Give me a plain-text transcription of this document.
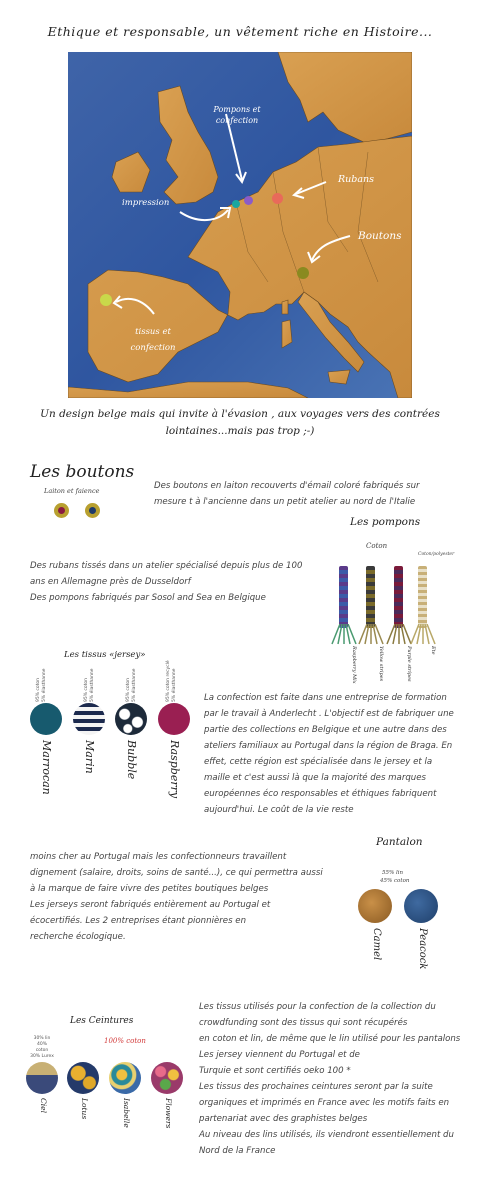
Ethique et responsable, un vêtement riche en Histoire...
Pompons et confection
Rubans
impression
Boutons
tissus et confection
Un design belge mais qui invite à l'évasion , aux voyages vers des contrées
lointaines...mais pas trop ;-)
Les boutons
Laiton et faience	Des boutons en laiton recouverts d'émail coloré fabriqués sur
mesure t à l'ancienne dans un petit atelier au nord de l'Italie
Les pompons
Coton
Coton/polyester
Raspberry Mix	Yellow stripes	Purple stripes	Ete
Des rubans tissés dans un atelier spécialisé depuis plus de 100
ans en Allemagne près de Dusseldorf
Des pompons fabriqués par Sosol and Sea en Belgique
Les tissus «jersey»
95% coton 5% élasthanne	95% coton 5% élasthanne	95% coton 5% élasthanne	95% coton recyclé 5% élasthanne
Marrocan	Marin	Bubble	Raspberry
La confection est faite dans une entreprise de formation
par le travail à Anderlecht . L'objectif est de fabriquer une
partie des collections en Belgique et une autre dans des
ateliers familiaux au Portugal dans la région de Braga. En
effet, cette région est spécialisée dans le jersey et la
maille et c'est aussi là que la majorité des marques
européennes éco responsables et éthiques fabriquent
aujourd'hui. Le coût de la vie reste
Pantalon
55% lin
45% coton
Camel	Peacock
moins cher au Portugal mais les confectionneurs travaillent
dignement (salaire, droits, soins de santé...), ce qui permettra aussi
à la marque de faire vivre des petites boutiques belges
Les jerseys seront fabriqués entièrement au Portugal et
écocertifiés. Les 2 entreprises étant pionnières en
recherche écologique.
Les Ceintures
30% lin
40% coton
30% Lurex
100% coton
Ciel	Lotus	Isabelle	Flowers
Les tissus utilisés pour la confection de la collection du
crowdfunding sont des tissus qui sont récupérés
en coton et lin, de même que le lin utilisé pour les pantalons
Les jersey viennent du Portugal et de
Turquie et sont certifiés oeko 100 *
Les tissus des prochaines ceintures seront par la suite
organiques et imprimés en France avec les motifs faits en
partenariat avec des graphistes belges
Au niveau des lins utilisés, ils viendront essentiellement du
Nord de la France
